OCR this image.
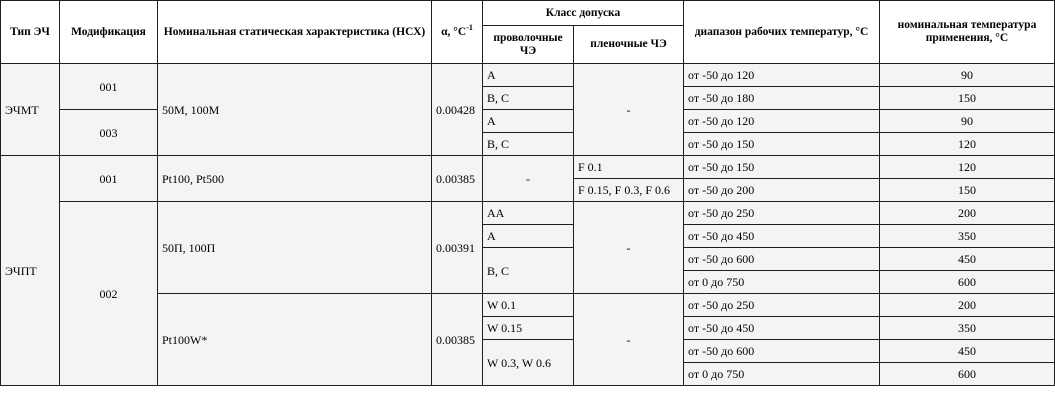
Тип ЭЧ	Модификация	Номинальная статическая характеристика (НСХ)	α, $^\circ С^{-1}$	Класс допуска		диапазон рабочих температур, °С	номинальная температура применения, °С
				проволочные ЧЭ	пленочные ЧЭ		
ЭЧМТ	001	50М, 100М	0.00428	A	-	от -50 до 120	90
				B, C		от -50 до 180	150
	003			A		от -50 до 120	90
				B, C		от -50 до 150	120
ЭЧПТ	001	Pt100, Pt500	0.00385	-	F 0.1	от -50 до 150	120
					F 0.15, F 0.3, F 0.6	от -50 до 200	150
	002	50П, 100П	0.00391	AA	-	от -50 до 250	200
				A		от -50 до 450	350
				B, C		от -50 до 600	450
						от 0 до 750	600
		Pt100W*	0.00385	W 0.1	-	от -50 до 250	200
				W 0.15		от -50 до 450	350
				W 0.3, W 0.6		от -50 до 600	450
						от 0 до 750	600
